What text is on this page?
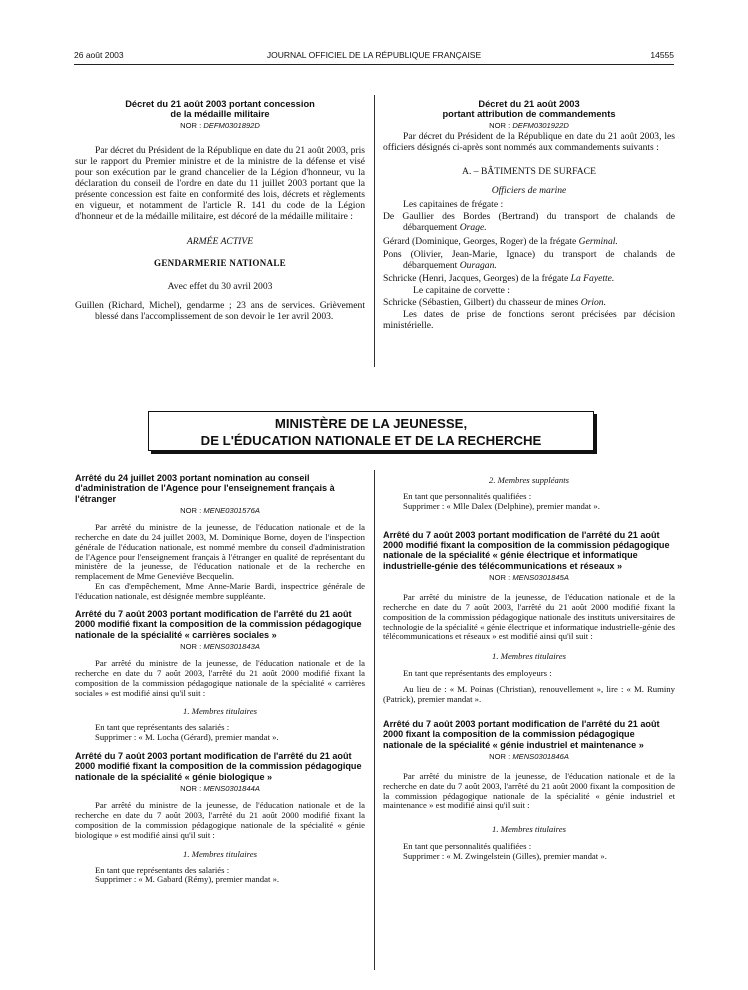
26 août 2003	JOURNAL OFFICIEL DE LA RÉPUBLIQUE FRANÇAISE	14555

Décret du 21 août 2003 portant concession

de la médaille militaire

NOR : DEFM0301892D

Par décret du Président de la République en date du 21 août 2003, pris sur le rapport du Premier ministre et de la ministre de la défense et visé pour son exécution par le grand chancelier de la Légion d'honneur, vu la déclaration du conseil de l'ordre en date du 11 juillet 2003 portant que la présente concession est faite en conformité des lois, décrets et règlements en vigueur, et notamment de l'article R. 141 du code de la Légion d'honneur et de la médaille militaire, est décoré de la médaille militaire :

ARMÉE ACTIVE

GENDARMERIE NATIONALE

Avec effet du 30 avril 2003

Guillen (Richard, Michel), gendarme ; 23 ans de services. Grièvement blessé dans l'accomplissement de son devoir le 1er avril 2003.

Décret du 21 août 2003

portant attribution de commandements

NOR : DEFM0301922D

Par décret du Président de la République en date du 21 août 2003, les officiers désignés ci-après sont nommés aux commandements suivants :

A. – BÂTIMENTS DE SURFACE

Officiers de marine

Les capitaines de frégate :

De Gaullier des Bordes (Bertrand) du transport de chalands de débarquement Orage.

Gérard (Dominique, Georges, Roger) de la frégate Germinal.

Pons (Olivier, Jean-Marie, Ignace) du transport de chalands de débarquement Ouragan.

Schricke (Henri, Jacques, Georges) de la frégate La Fayette.

Le capitaine de corvette :

Schricke (Sébastien, Gilbert) du chasseur de mines Orion.

Les dates de prise de fonctions seront précisées par décision ministérielle.

MINISTÈRE DE LA JEUNESSE,
DE L'ÉDUCATION NATIONALE ET DE LA RECHERCHE

Arrêté du 24 juillet 2003 portant nomination au conseil d'administration de l'Agence pour l'enseignement français à l'étranger

NOR : MENE0301576A

Par arrêté du ministre de la jeunesse, de l'éducation nationale et de la recherche en date du 24 juillet 2003, M. Dominique Borne, doyen de l'inspection générale de l'éducation nationale, est nommé membre du conseil d'administration de l'Agence pour l'enseignement français à l'étranger en qualité de représentant du ministère de la jeunesse, de l'éducation nationale et de la recherche en remplacement de Mme Geneviève Becquelin.

En cas d'empêchement, Mme Anne-Marie Bardi, inspectrice générale de l'éducation nationale, est désignée membre suppléante.

Arrêté du 7 août 2003 portant modification de l'arrêté du 21 août 2000 modifié fixant la composition de la commission pédagogique nationale de la spécialité « carrières sociales »

NOR : MENS0301843A

Par arrêté du ministre de la jeunesse, de l'éducation nationale et de la recherche en date du 7 août 2003, l'arrêté du 21 août 2000 modifié fixant la composition de la commission pédagogique nationale de la spécialité « carrières sociales » est modifié ainsi qu'il suit :

1. Membres titulaires

En tant que représentants des salariés :

Supprimer : « M. Locha (Gérard), premier mandat ».

Arrêté du 7 août 2003 portant modification de l'arrêté du 21 août 2000 modifié fixant la composition de la commission pédagogique nationale de la spécialité « génie biologique »

NOR : MENS0301844A

Par arrêté du ministre de la jeunesse, de l'éducation nationale et de la recherche en date du 7 août 2003, l'arrêté du 21 août 2000 modifié fixant la composition de la commission pédagogique nationale de la spécialité « génie biologique » est modifié ainsi qu'il suit :

1. Membres titulaires

En tant que représentants des salariés :

Supprimer : « M. Gabard (Rémy), premier mandat ».

2. Membres suppléants

En tant que personnalités qualifiées :

Supprimer : « Mlle Dalex (Delphine), premier mandat ».

Arrêté du 7 août 2003 portant modification de l'arrêté du 21 août 2000 modifié fixant la composition de la commission pédagogique nationale de la spécialité « génie électrique et informatique industrielle-génie des télécommunications et réseaux »

NOR : MENS0301845A

Par arrêté du ministre de la jeunesse, de l'éducation nationale et de la recherche en date du 7 août 2003, l'arrêté du 21 août 2000 modifié fixant la composition de la commission pédagogique nationale des instituts universitaires de technologie de la spécialité « génie électrique et informatique industrielle-génie des télécommunications et réseaux » est modifié ainsi qu'il suit :

1. Membres titulaires

En tant que représentants des employeurs :

Au lieu de : « M. Poinas (Christian), renouvellement », lire : « M. Ruminy (Patrick), premier mandat ».

Arrêté du 7 août 2003 portant modification de l'arrêté du 21 août 2000 fixant la composition de la commission pédagogique nationale de la spécialité « génie industriel et maintenance »

NOR : MENS0301846A

Par arrêté du ministre de la jeunesse, de l'éducation nationale et de la recherche en date du 7 août 2003, l'arrêté du 21 août 2000 fixant la composition de la commission pédagogique nationale de la spécialité « génie industriel et maintenance » est modifié ainsi qu'il suit :

1. Membres titulaires

En tant que personnalités qualifiées :

Supprimer : « M. Zwingelstein (Gilles), premier mandat ».
